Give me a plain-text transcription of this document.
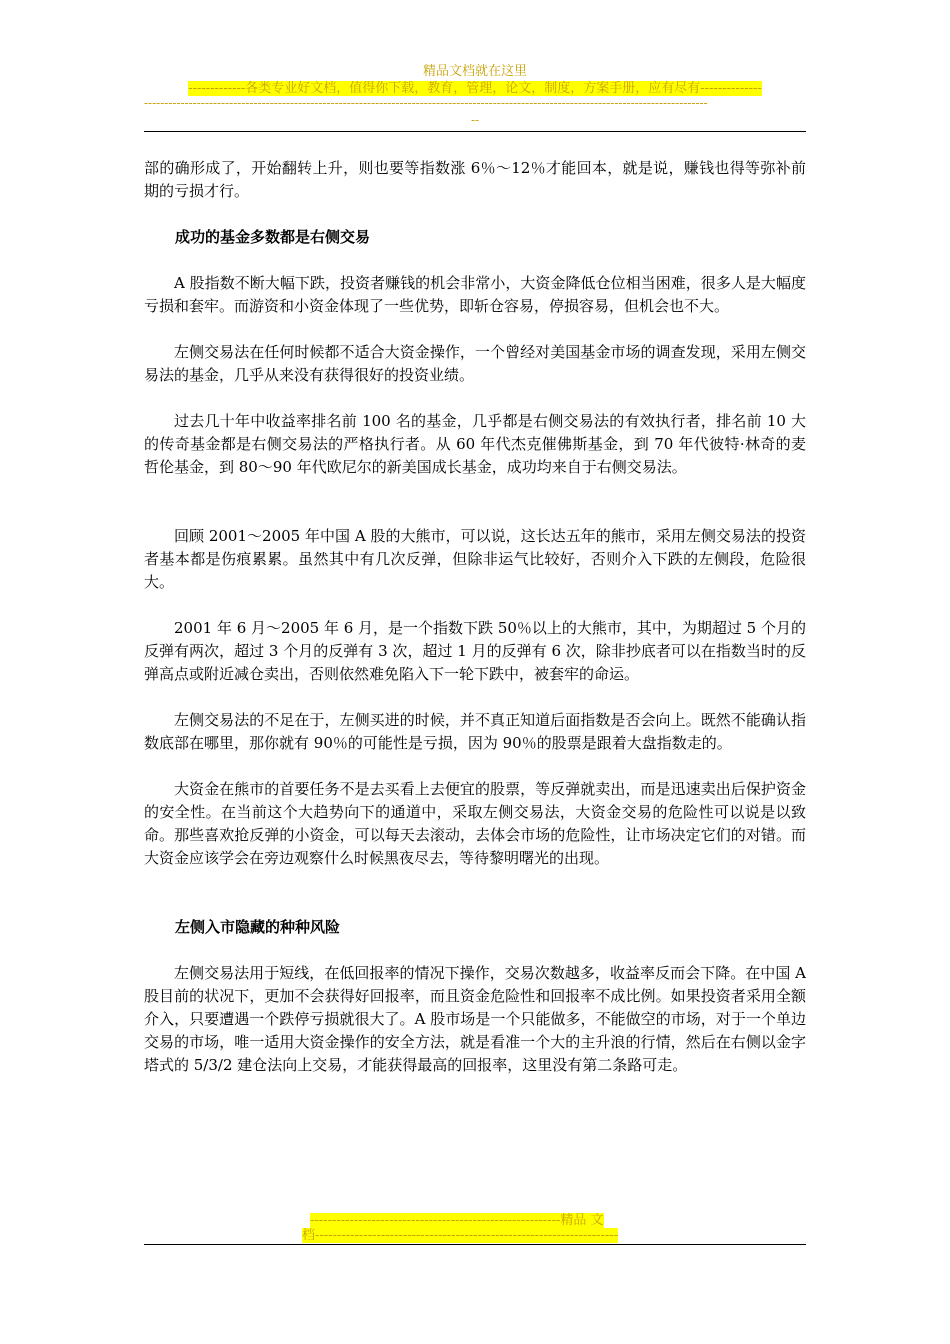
精品文档就在这里
-------------各类专业好文档，值得你下载，教育，管理，论文，制度，方案手册，应有尽有--------------
-------------------------------------------------------------------------------------------------------------------------------------------
--

部的确形成了，开始翻转上升，则也要等指数涨 6％～12％才能回本，就是说，赚钱也得等弥补前期的亏损才行。

成功的基金多数都是右侧交易

A 股指数不断大幅下跌，投资者赚钱的机会非常小，大资金降低仓位相当困难，很多人是大幅度亏损和套牢。而游资和小资金体现了一些优势，即斩仓容易，停损容易，但机会也不大。

左侧交易法在任何时候都不适合大资金操作，一个曾经对美国基金市场的调查发现，采用左侧交易法的基金，几乎从来没有获得很好的投资业绩。

过去几十年中收益率排名前 100 名的基金，几乎都是右侧交易法的有效执行者，排名前 10 大的传奇基金都是右侧交易法的严格执行者。从 60 年代杰克催佛斯基金，到 70 年代彼特·林奇的麦哲伦基金，到 80～90 年代欧尼尔的新美国成长基金，成功均来自于右侧交易法。

回顾 2001～2005 年中国 A 股的大熊市，可以说，这长达五年的熊市，采用左侧交易法的投资者基本都是伤痕累累。虽然其中有几次反弹，但除非运气比较好，否则介入下跌的左侧段，危险很大。

2001 年 6 月～2005 年 6 月，是一个指数下跌 50％以上的大熊市，其中，为期超过 5 个月的反弹有两次，超过 3 个月的反弹有 3 次，超过 1 月的反弹有 6 次，除非抄底者可以在指数当时的反弹高点或附近减仓卖出，否则依然难免陷入下一轮下跌中，被套牢的命运。

左侧交易法的不足在于，左侧买进的时候，并不真正知道后面指数是否会向上。既然不能确认指数底部在哪里，那你就有 90％的可能性是亏损，因为 90％的股票是跟着大盘指数走的。

大资金在熊市的首要任务不是去买看上去便宜的股票，等反弹就卖出，而是迅速卖出后保护资金的安全性。在当前这个大趋势向下的通道中，采取左侧交易法，大资金交易的危险性可以说是以致命。那些喜欢抢反弹的小资金，可以每天去滚动，去体会市场的危险性，让市场决定它们的对错。而大资金应该学会在旁边观察什么时候黑夜尽去，等待黎明曙光的出现。

左侧入市隐藏的种种风险

左侧交易法用于短线，在低回报率的情况下操作，交易次数越多，收益率反而会下降。在中国 A 股目前的状况下，更加不会获得好回报率，而且资金危险性和回报率不成比例。如果投资者采用全额介入，只要遭遇一个跌停亏损就很大了。A 股市场是一个只能做多，不能做空的市场，对于一个单边交易的市场，唯一适用大资金操作的安全方法，就是看准一个大的主升浪的行情，然后在右侧以金字塔式的 5/3/2 建仓法向上交易，才能获得最高的回报率，这里没有第二条路可走。

---------------------------------------------------------精品 文
档---------------------------------------------------------------------
